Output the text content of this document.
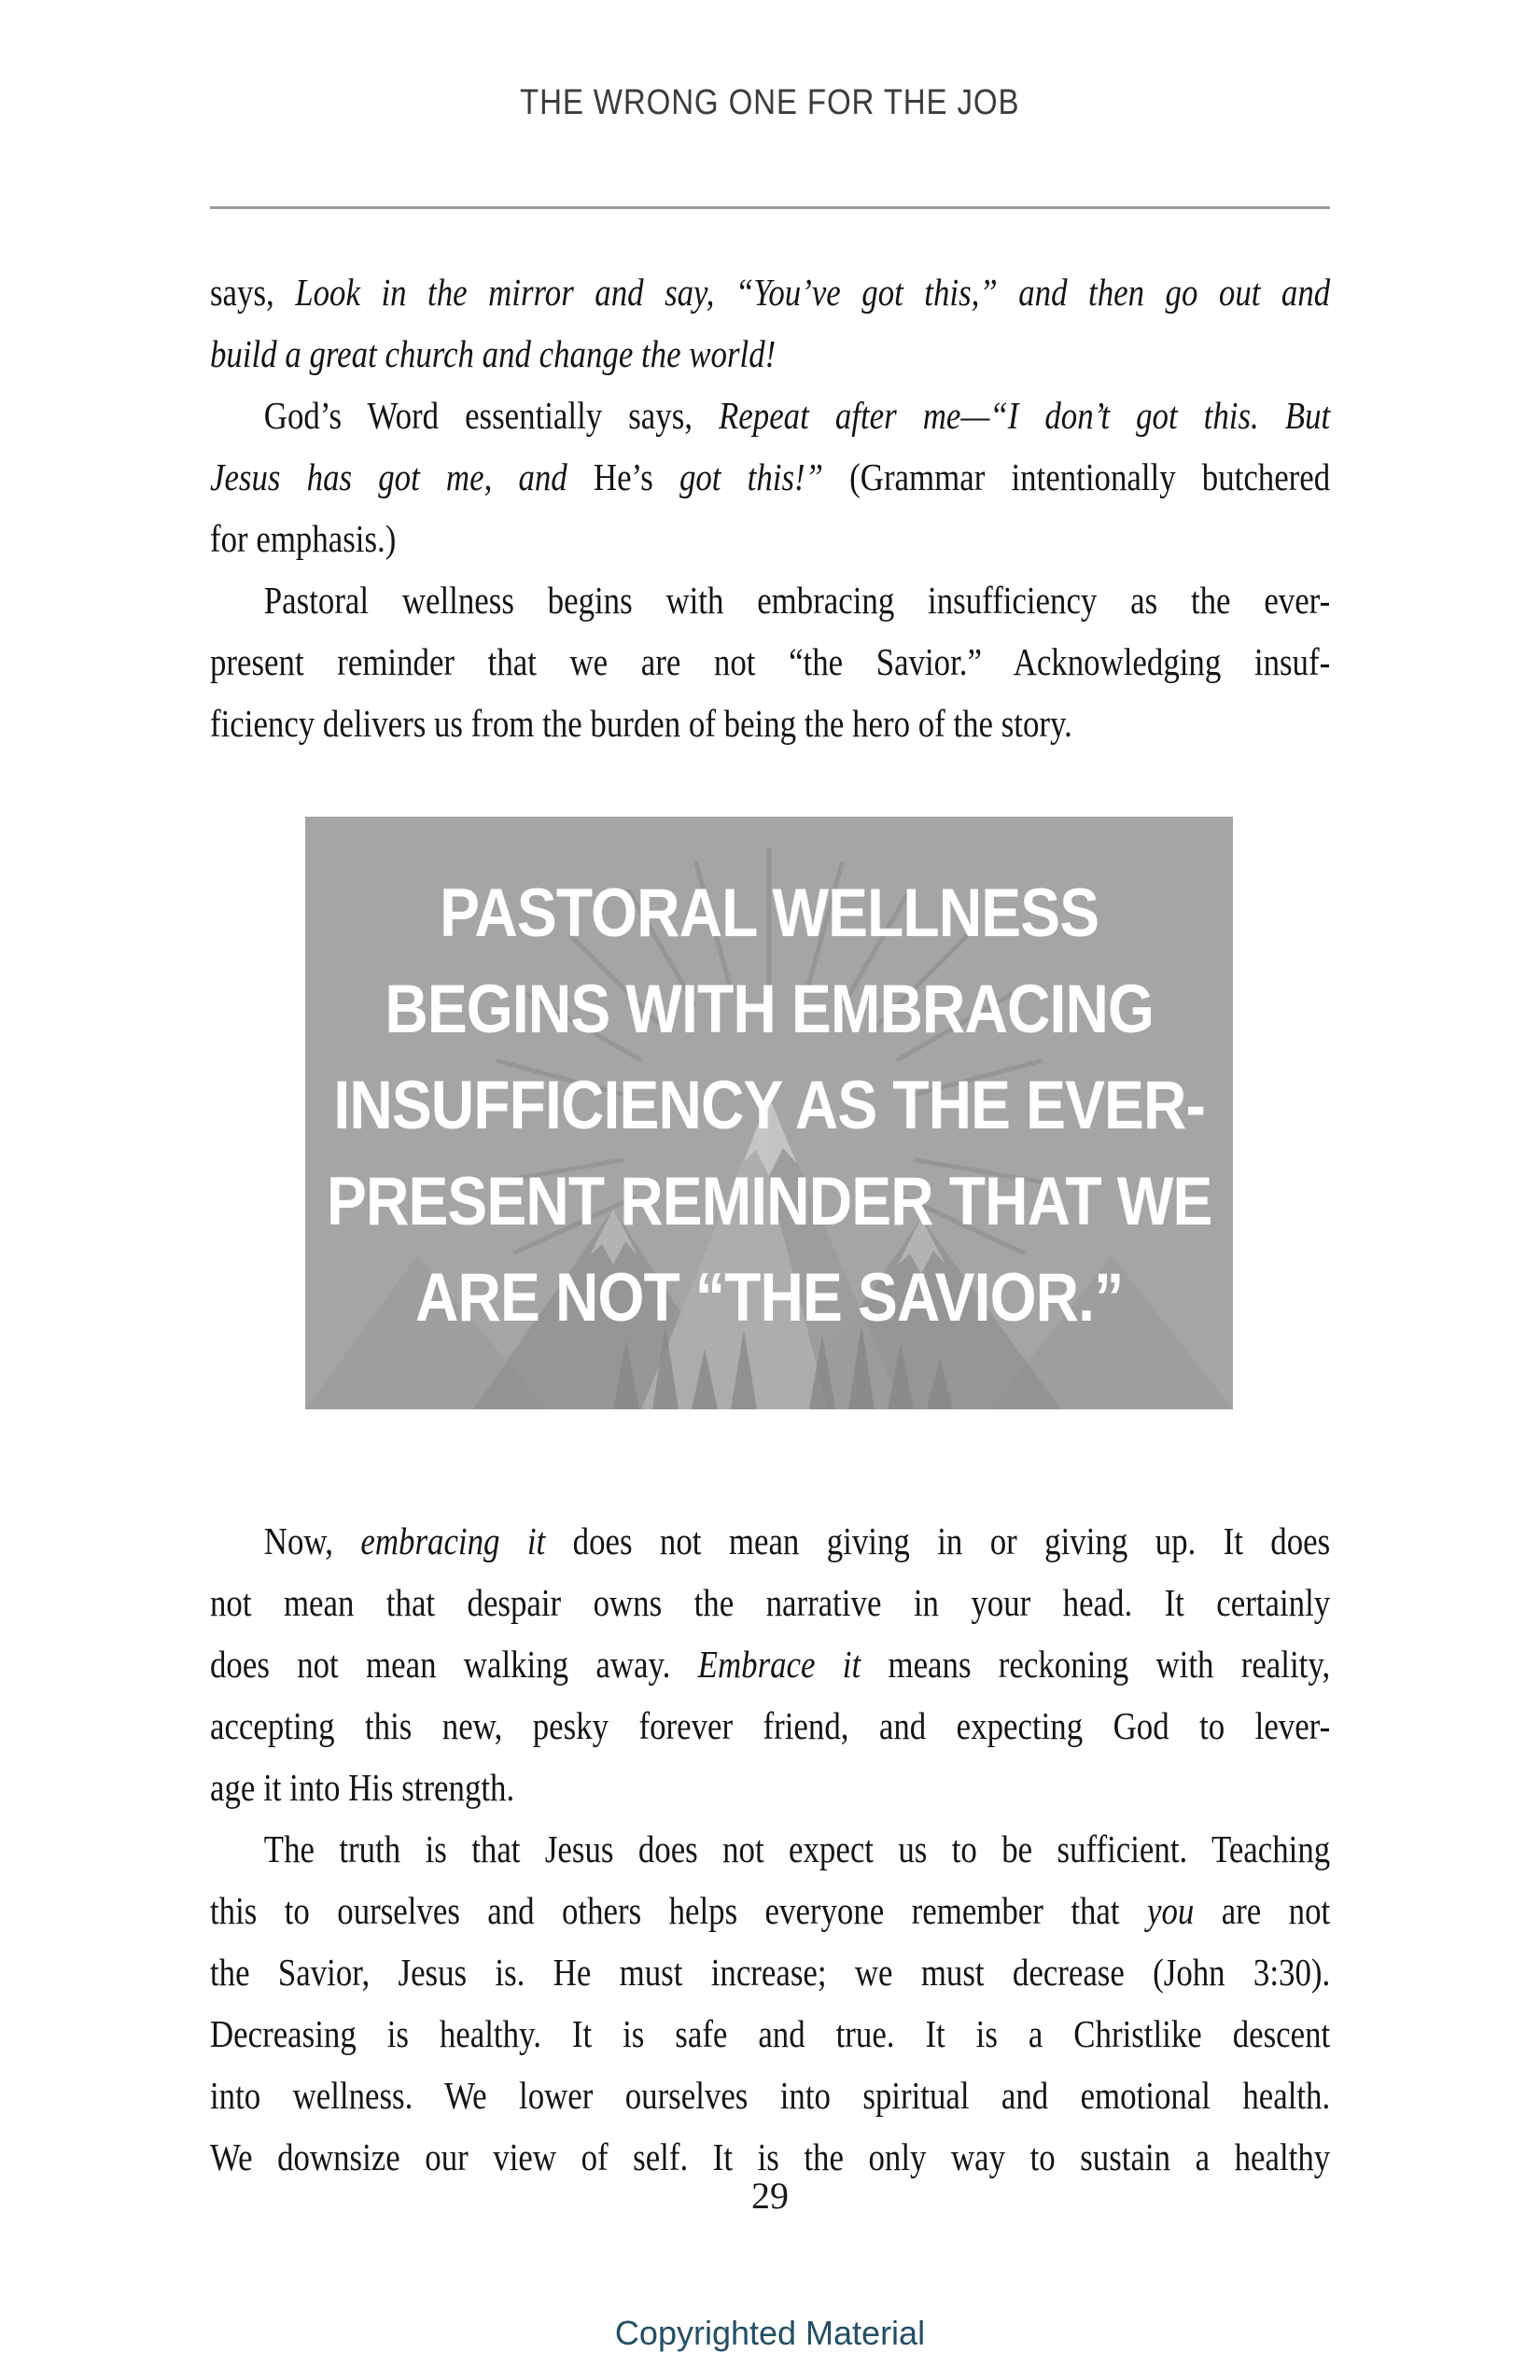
THE WRONG ONE FOR THE JOB
says, Look in the mirror and say, “You’ve got this,” and then go out and
build a great church and change the world!
God’s Word essentially says, Repeat after me—“I don’t got this. But
Jesus has got me, and He’s got this!” (Grammar intentionally butchered
for emphasis.)
Pastoral wellness begins with embracing insufficiency as the ever-
present reminder that we are not “the Savior.” Acknowledging insuf-
ficiency delivers us from the burden of being the hero of the story.
PASTORAL WELLNESS
BEGINS WITH EMBRACING
INSUFFICIENCY AS THE EVER-
PRESENT REMINDER THAT WE
ARE NOT “THE SAVIOR.”
Now, embracing it does not mean giving in or giving up. It does
not mean that despair owns the narrative in your head. It certainly
does not mean walking away. Embrace it means reckoning with reality,
accepting this new, pesky forever friend, and expecting God to lever-
age it into His strength.
The truth is that Jesus does not expect us to be sufficient. Teaching
this to ourselves and others helps everyone remember that you are not
the Savior, Jesus is. He must increase; we must decrease (John 3:30).
Decreasing is healthy. It is safe and true. It is a Christlike descent
into wellness. We lower ourselves into spiritual and emotional health.
We downsize our view of self. It is the only way to sustain a healthy
29
Copyrighted Material
